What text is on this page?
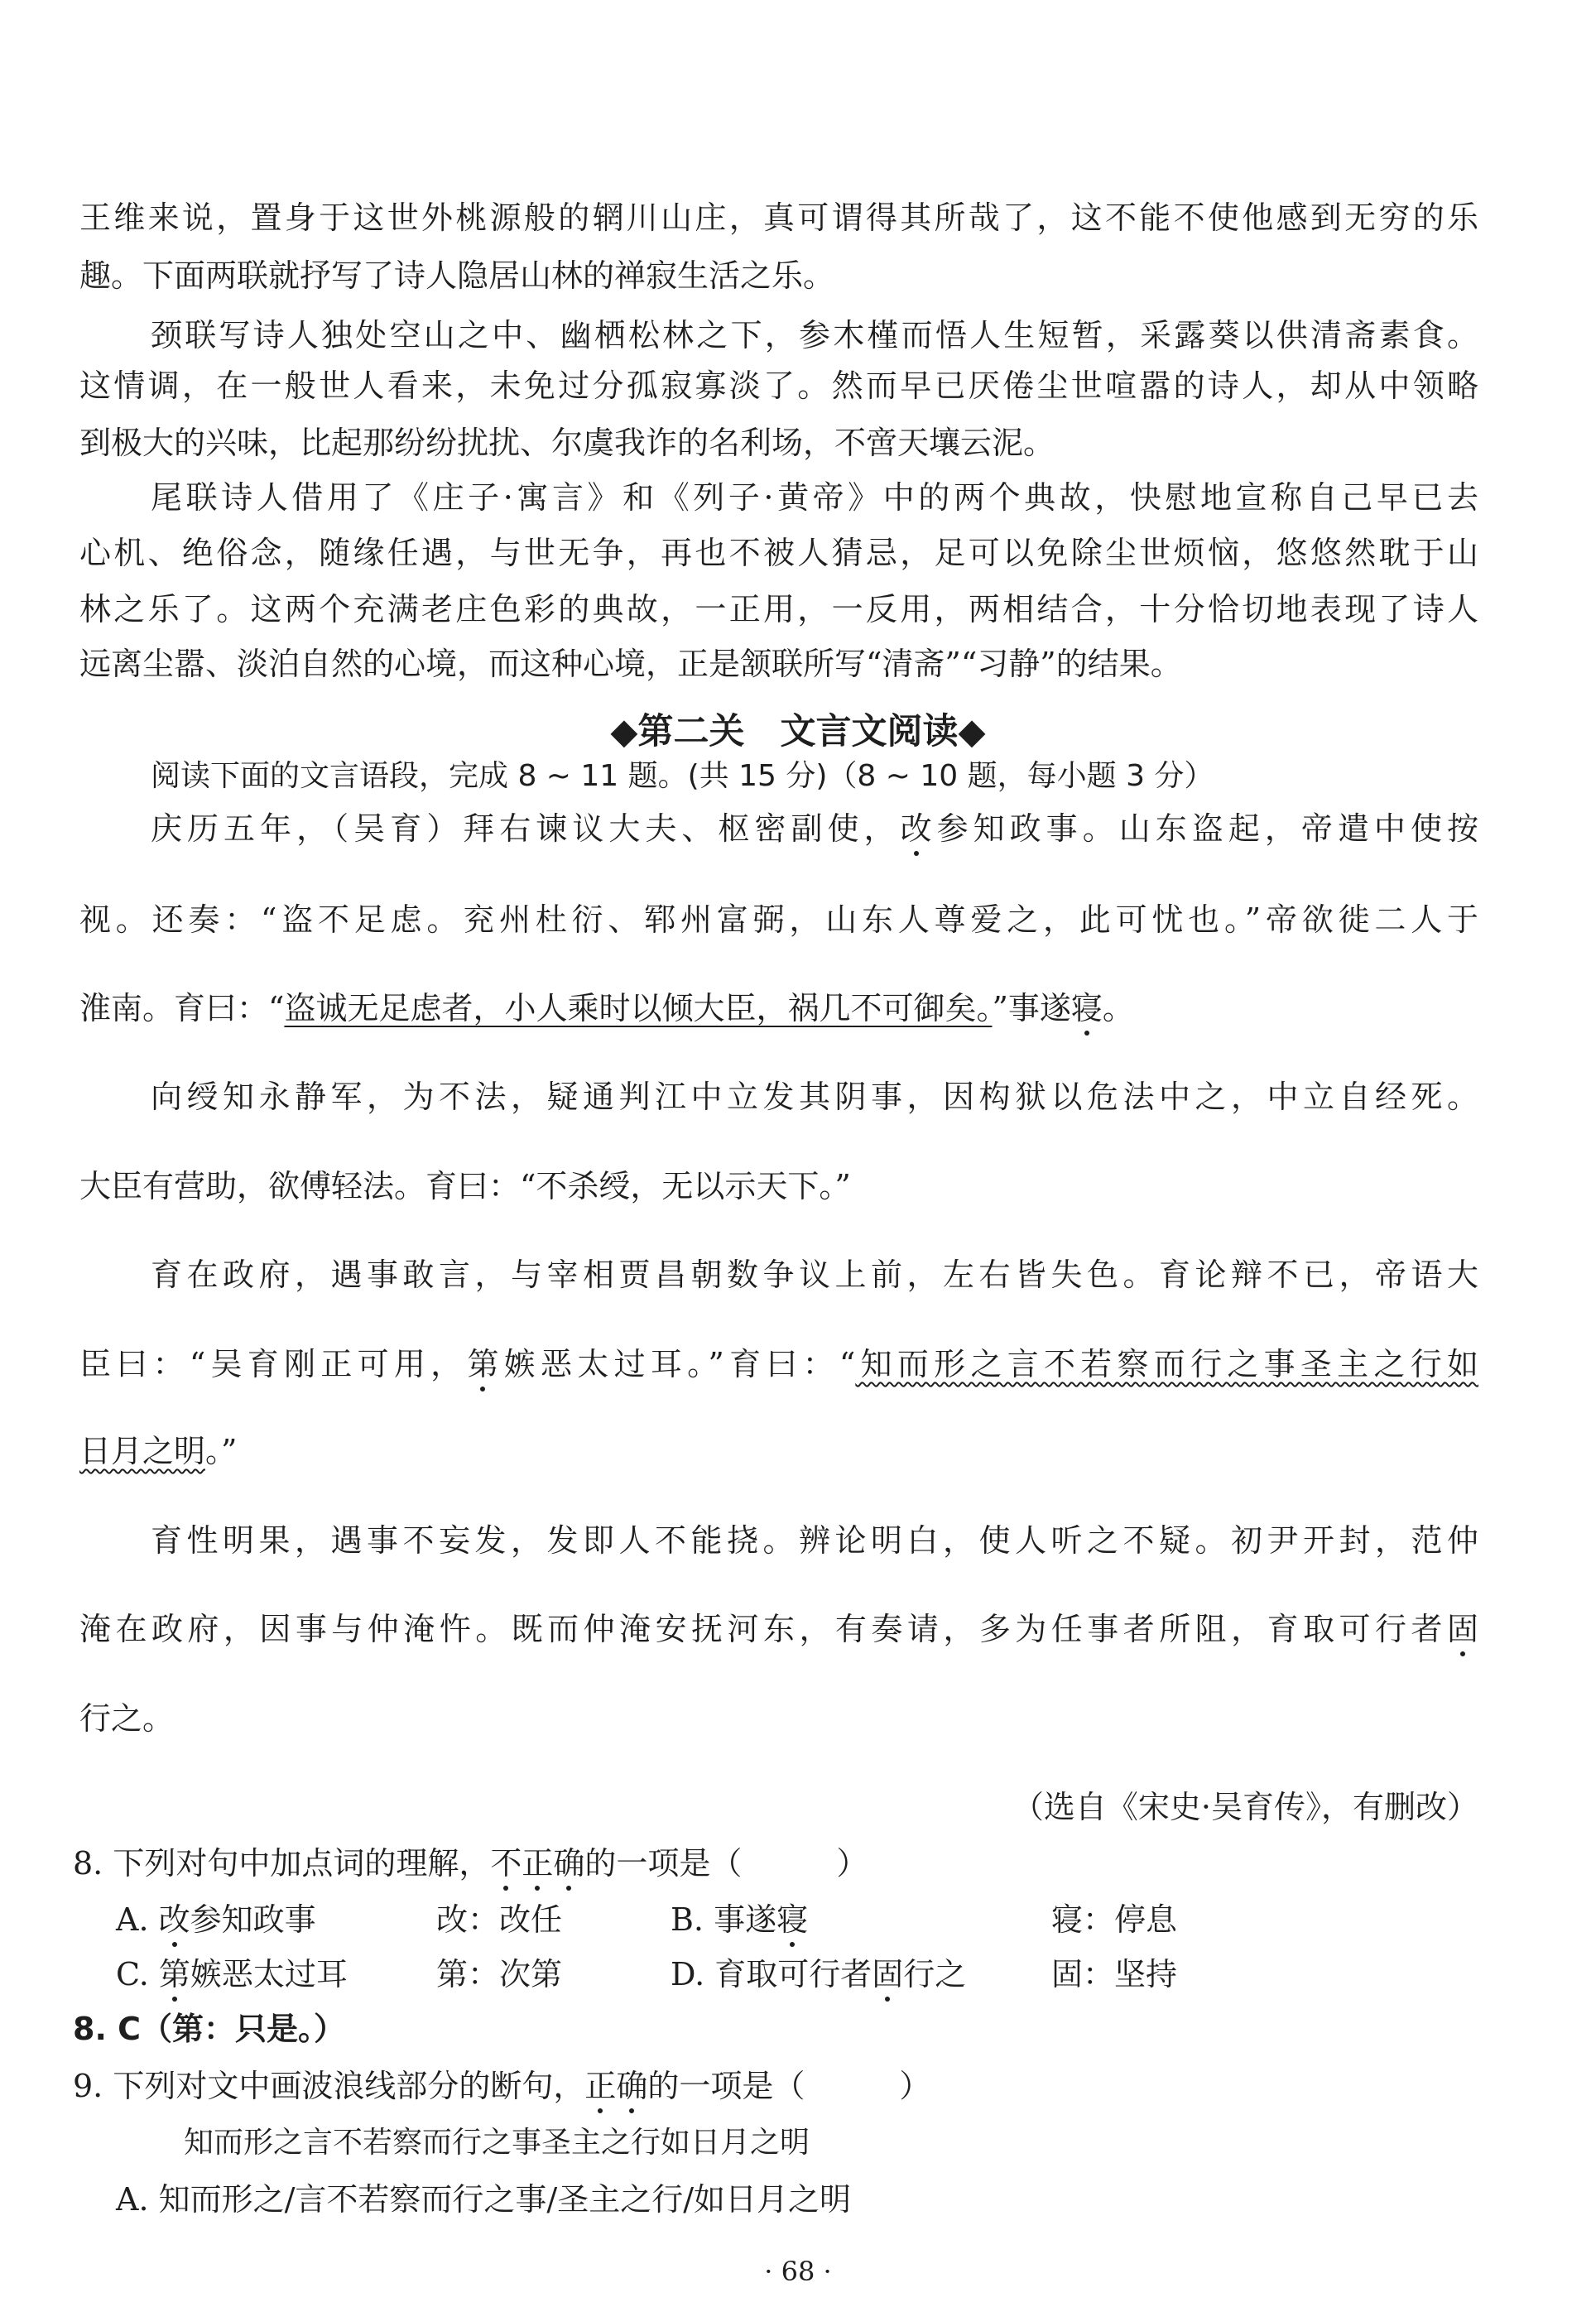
王维来说，置身于这世外桃源般的辋川山庄，真可谓得其所哉了，这不能不使他感到无穷的乐
趣。下面两联就抒写了诗人隐居山林的禅寂生活之乐。
颈联写诗人独处空山之中、幽栖松林之下，参木槿而悟人生短暂，采露葵以供清斋素食。
这情调，在一般世人看来，未免过分孤寂寡淡了。然而早已厌倦尘世喧嚣的诗人，却从中领略
到极大的兴味，比起那纷纷扰扰、尔虞我诈的名利场，不啻天壤云泥。
尾联诗人借用了《庄子·寓言》和《列子·黄帝》中的两个典故，快慰地宣称自己早已去
心机、绝俗念，随缘任遇，与世无争，再也不被人猜忌，足可以免除尘世烦恼，悠悠然耽于山
林之乐了。这两个充满老庄色彩的典故，一正用，一反用，两相结合，十分恰切地表现了诗人
远离尘嚣、淡泊自然的心境，而这种心境，正是颔联所写“清斋”“习静”的结果。
◆第二关　文言文阅读◆
阅读下面的文言语段，完成 8 ~ 11 题。(共 15 分)（8 ~ 10 题，每小题 3 分）
庆历五年，（吴育）拜右谏议大夫、枢密副使，改参知政事。山东盗起，帝遣中使按
视。还奏：“盗不足虑。兖州杜衍、郓州富弼，山东人尊爱之，此可忧也。”帝欲徙二人于
淮南。育曰：“盗诚无足虑者，小人乘时以倾大臣，祸几不可御矣。”事遂寝。
向绶知永静军，为不法，疑通判江中立发其阴事，因构狱以危法中之，中立自经死。
大臣有营助，欲傅轻法。育曰：“不杀绶，无以示天下。”
育在政府，遇事敢言，与宰相贾昌朝数争议上前，左右皆失色。育论辩不已，帝语大
臣曰：“吴育刚正可用，第嫉恶太过耳。”育曰：“知而形之言不若察而行之事圣主之行如
日月之明。”
育性明果，遇事不妄发，发即人不能挠。辨论明白，使人听之不疑。初尹开封，范仲
淹在政府，因事与仲淹忤。既而仲淹安抚河东，有奏请，多为任事者所阻，育取可行者固
行之。
（选自《宋史·吴育传》，有删改）
8. 下列对句中加点词的理解，不正确的一项是（　　　）
A. 改参知政事	改：改任	B. 事遂寝	寝：停息
C. 第嫉恶太过耳	第：次第	D. 育取可行者固行之	固：坚持
8. C（第：只是。）
9. 下列对文中画波浪线部分的断句，正确的一项是（　　　）
知而形之言不若察而行之事圣主之行如日月之明
A. 知而形之/言不若察而行之事/圣主之行/如日月之明
· 68 ·
